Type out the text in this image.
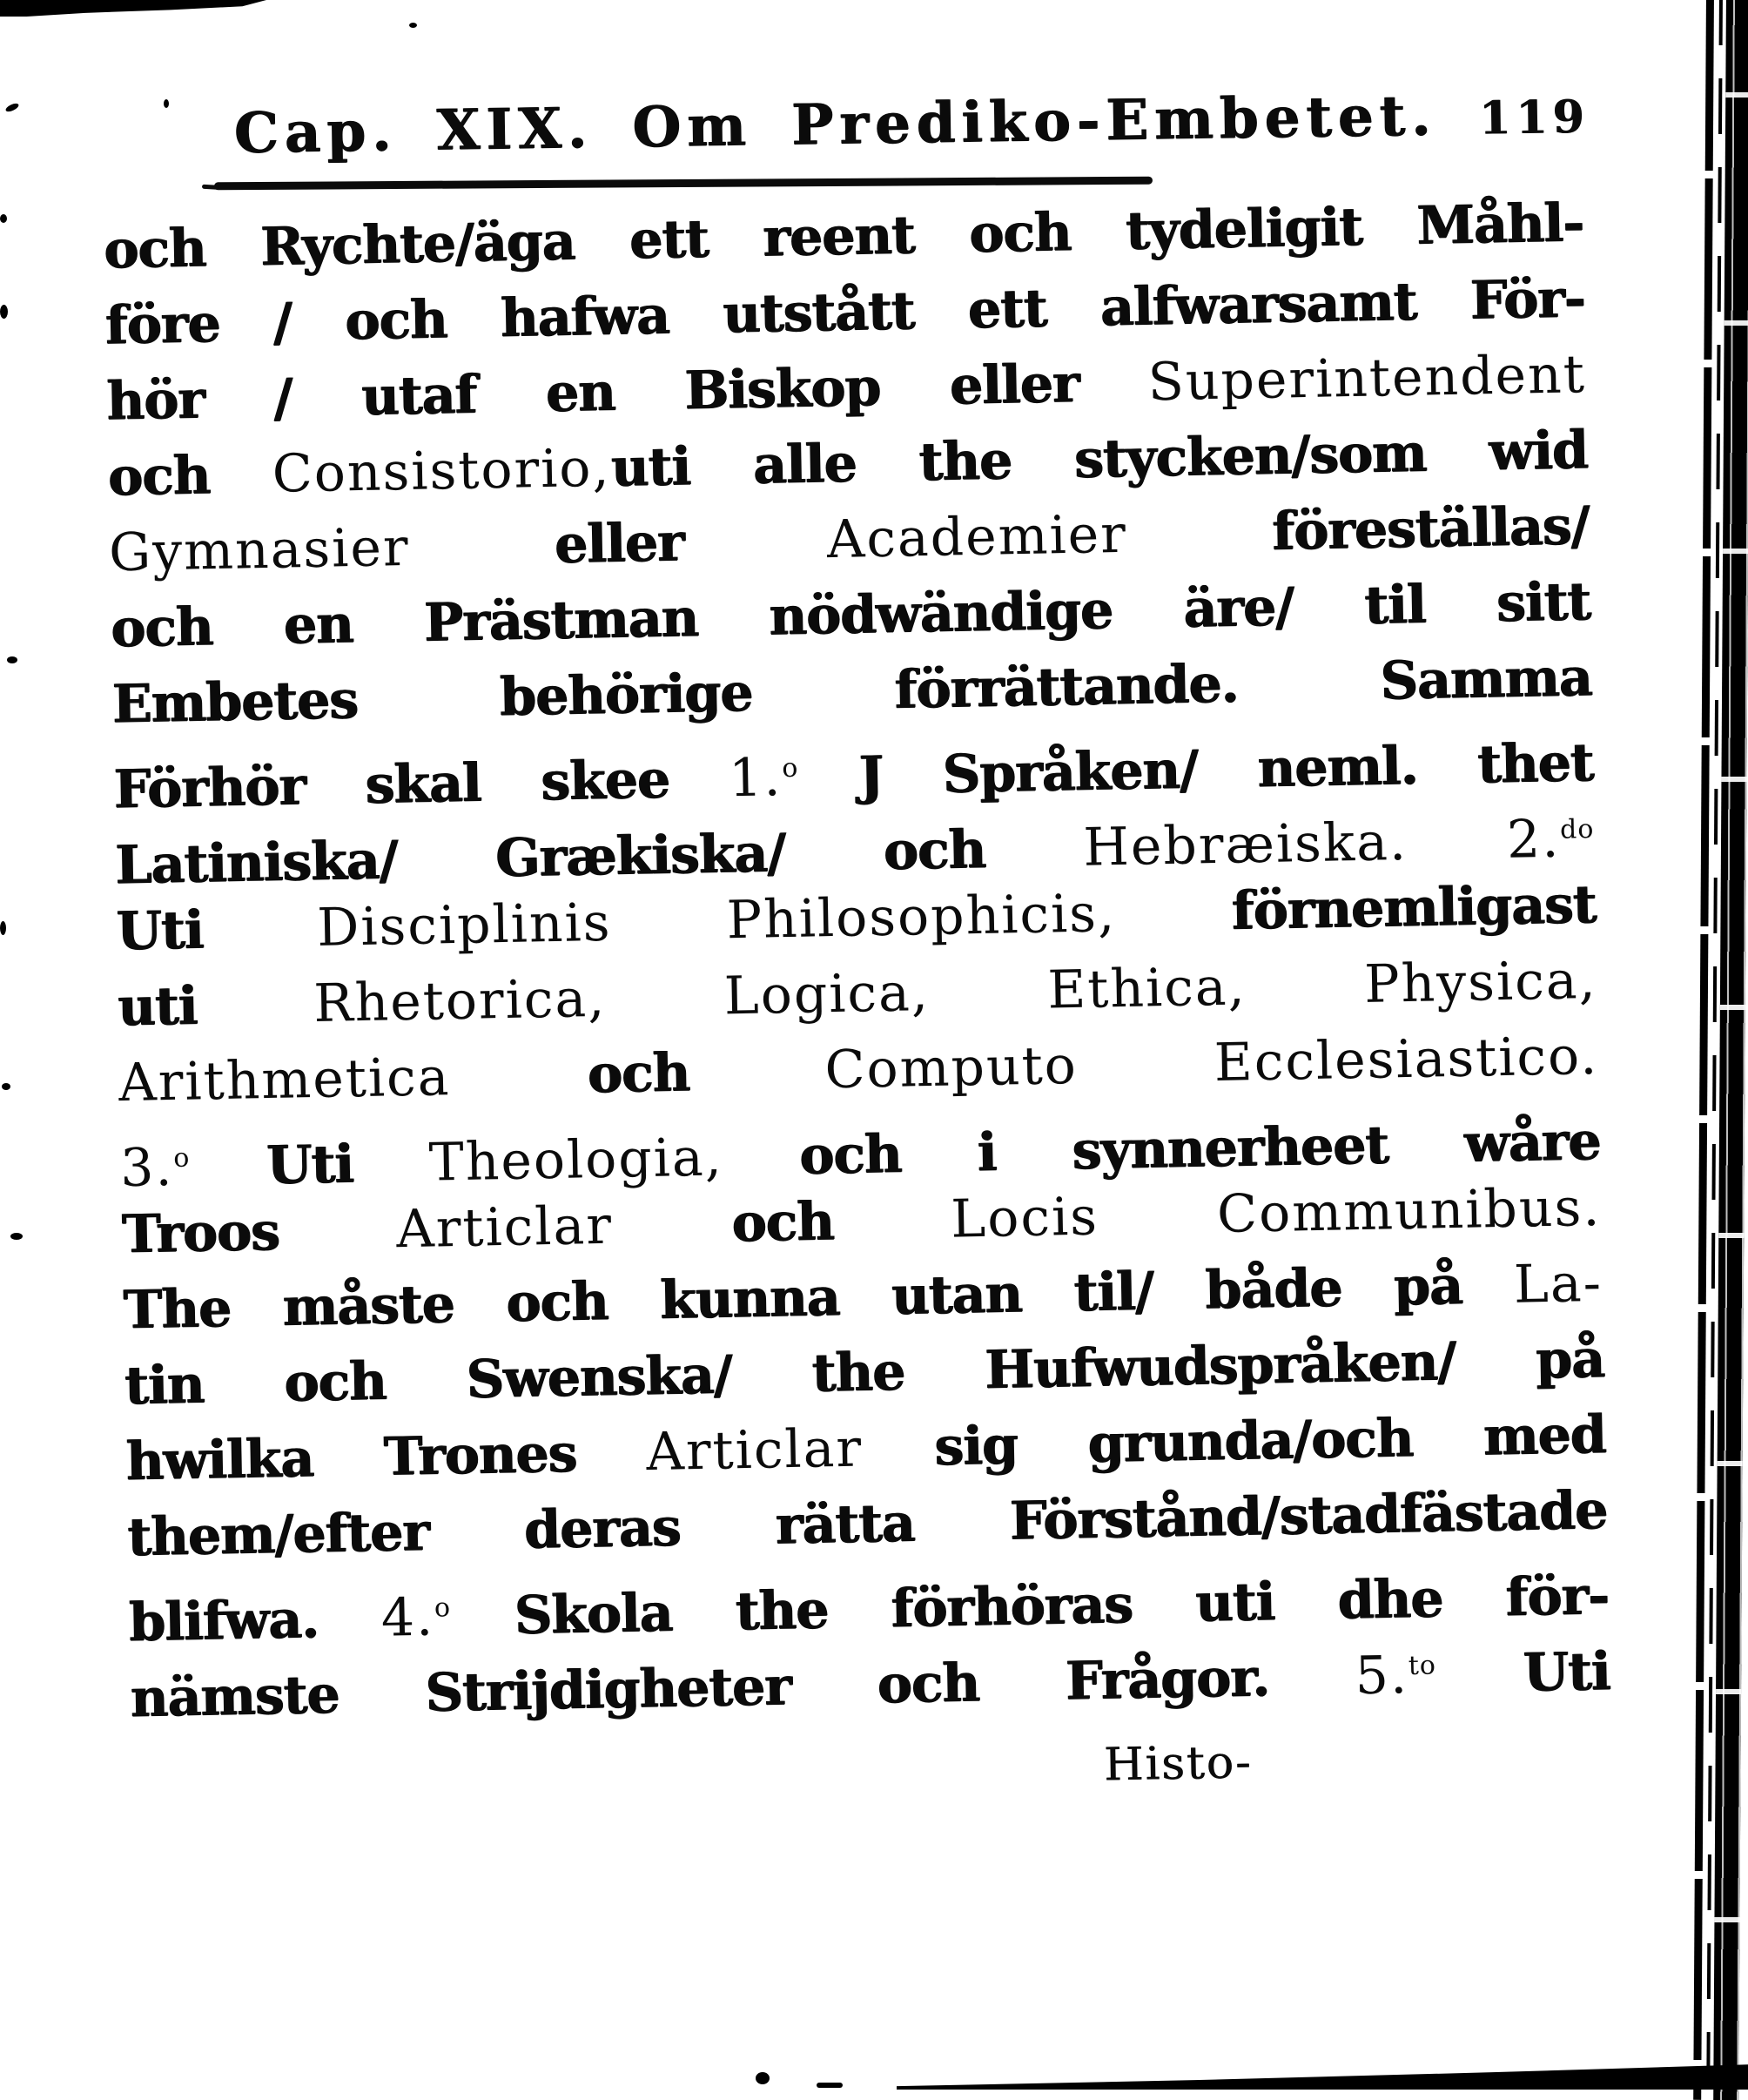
Cap. XIX. Om Prediko-Embetet. 119
och Rychte/äga ett reent och tydeligit Måhl-
före / och hafwa utstått ett alfwarsamt För-
hör / utaf en Biskop eller Superintendent
och Consistorio,uti alle the stycken/som wid
Gymnasier eller Academier föreställas/
och en Prästman nödwändige äre/ til sitt
Embetes behörige förrättande. Samma
Förhör skal skee 1.$^o$ J Språken/ neml. thet
Latiniska/ Grækiska/ och Hebræiska. 2.$^{do}$
Uti Disciplinis Philosophicis, förnemligast
uti Rhetorica, Logica, Ethica, Physica,
Arithmetica och Computo Ecclesiastico.
3.$^o$ Uti Theologia, och i synnerheet wåre
Troos Articlar och Locis Communibus.
The måste och kunna utan til/ både på La-
tin och Swenska/ the Hufwudspråken/ på
hwilka Trones Articlar sig grunda/och med
them/efter deras rätta Förstånd/stadfästade
blifwa. 4.$^o$ Skola the förhöras uti dhe för-
nämste Strijdigheter och Frågor. 5.$^{to}$ Uti
Histo-
